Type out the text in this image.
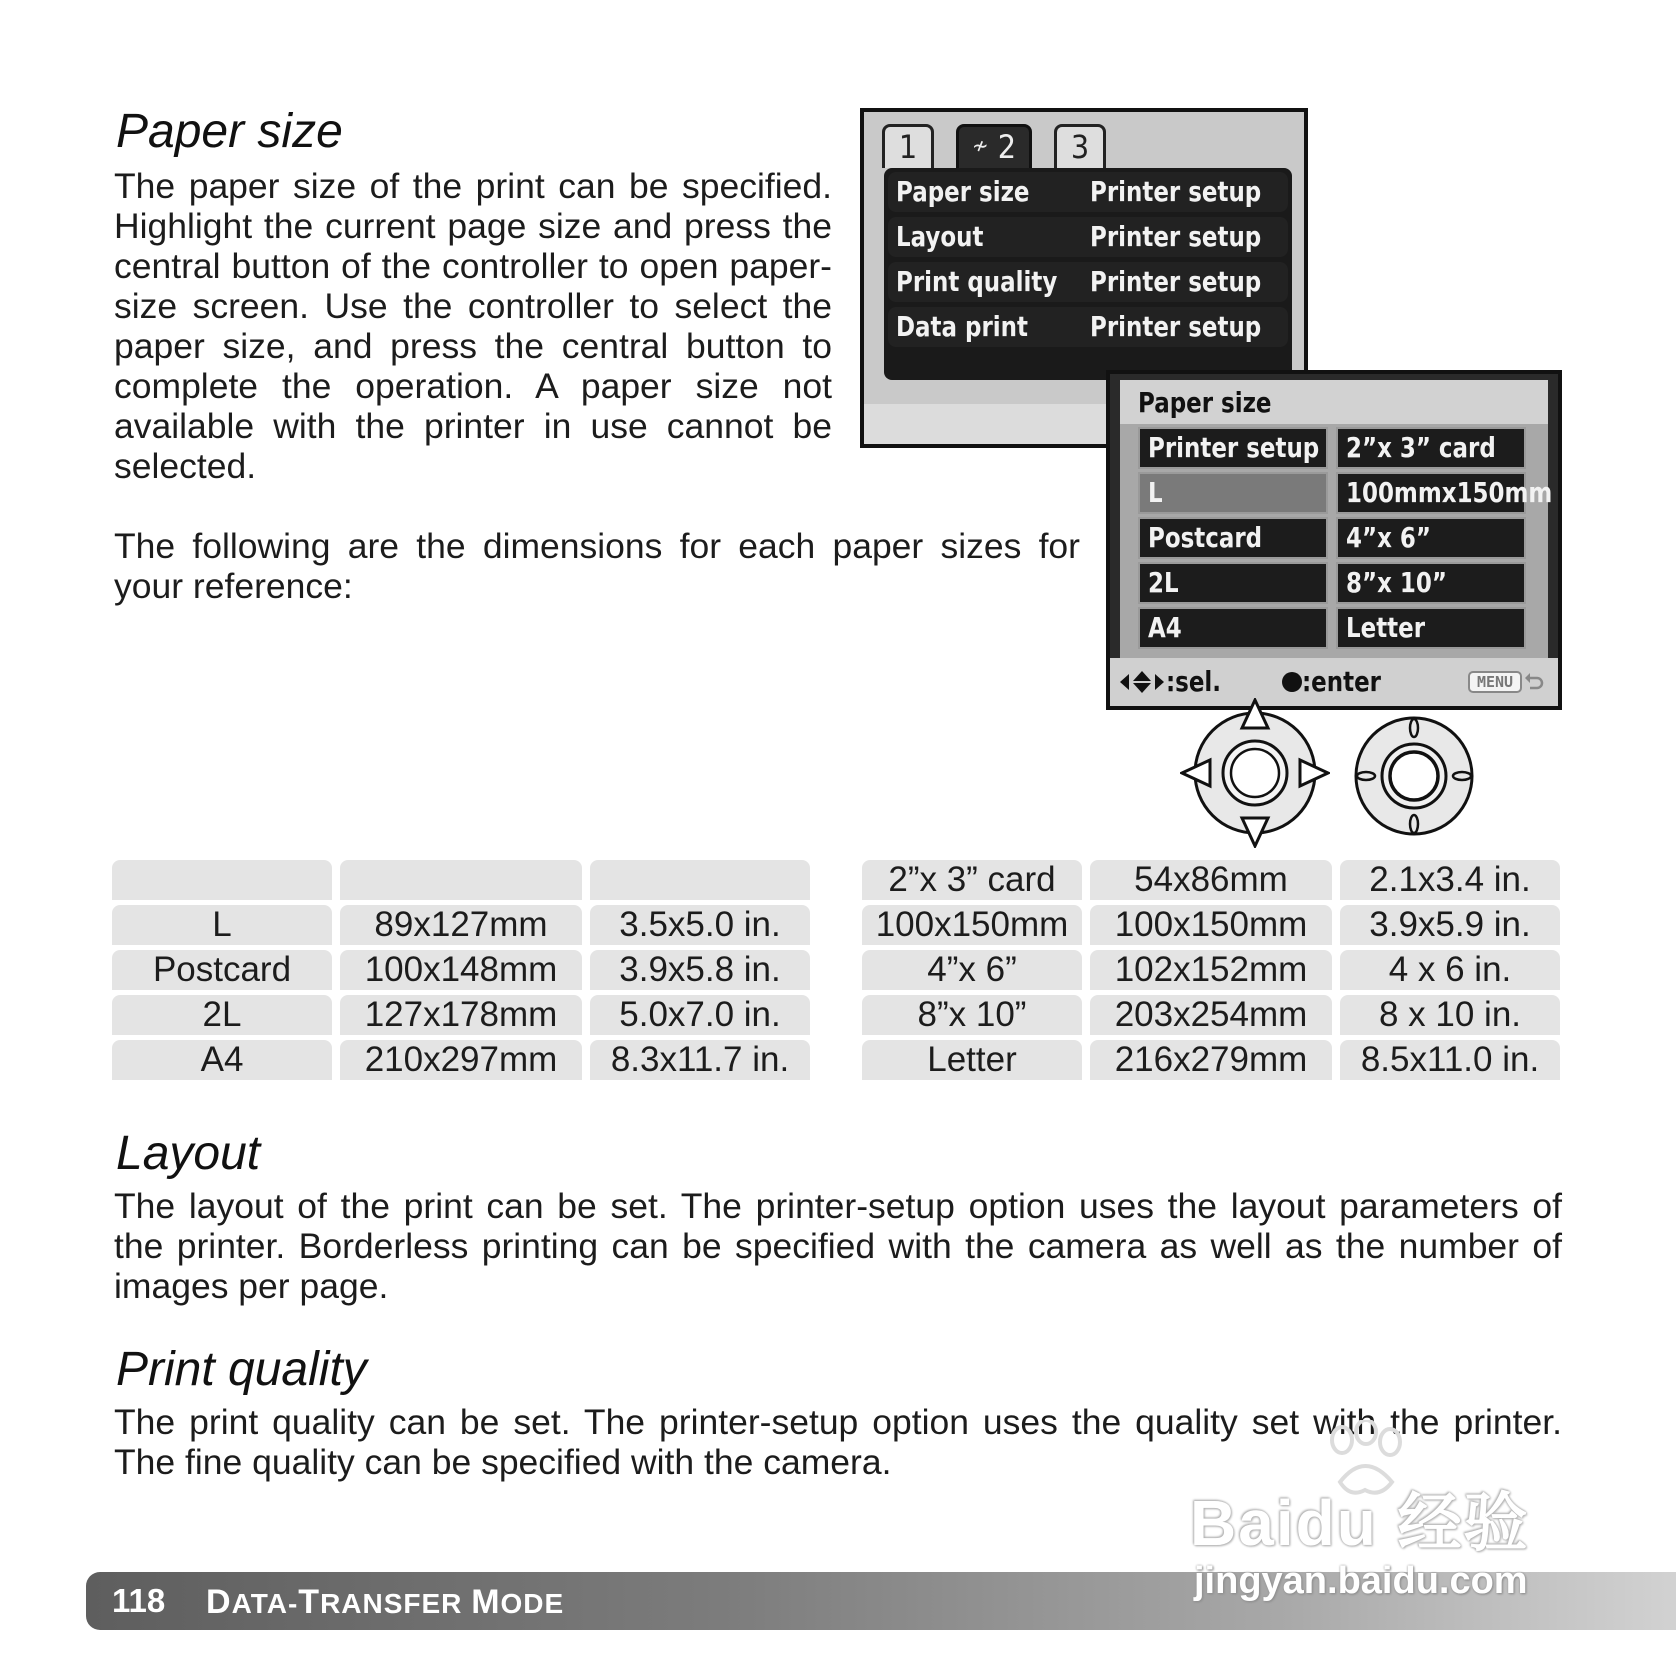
Paper size

The paper size of the print can be specified. Highlight the current page size and press the central button of the controller to open paper-size screen. Use the controller to select the paper size, and press the central button to complete the operation. A paper size not available with the printer in use cannot be selected.

The following are the dimensions for each paper sizes for your reference:

1	≁ 2	3
Paper size Printer setup
Layout	Printer setup
Print quality Printer setup
Data print Printer setup
Paper size
Printer setup 2”x 3” card
L	100mmx150mm
Postcard	4”x 6”
2L	8”x 10”
A4	Letter
:sel.	:enter	MENU
L	89x127mm	3.5x5.0 in.
Postcard	100x148mm	3.9x5.8 in.
2L	127x178mm	5.0x7.0 in.
A4	210x297mm	8.3x11.7 in.
2”x 3” card	54x86mm	2.1x3.4 in.
100x150mm	100x150mm	3.9x5.9 in.
4”x 6”	102x152mm	4 x 6 in.
8”x 10”	203x254mm	8 x 10 in.
Letter	216x279mm	8.5x11.0 in.
Layout

The layout of the print can be set. The printer-setup option uses the layout parameters of the printer. Borderless printing can be specified with the camera as well as the number of images per page.

Print quality

The print quality can be set. The printer-setup option uses the quality set with the printer. The fine quality can be specified with the camera.

118 DATA-TRANSFER MODE
Baidu 经验
jingyan.baidu.com
